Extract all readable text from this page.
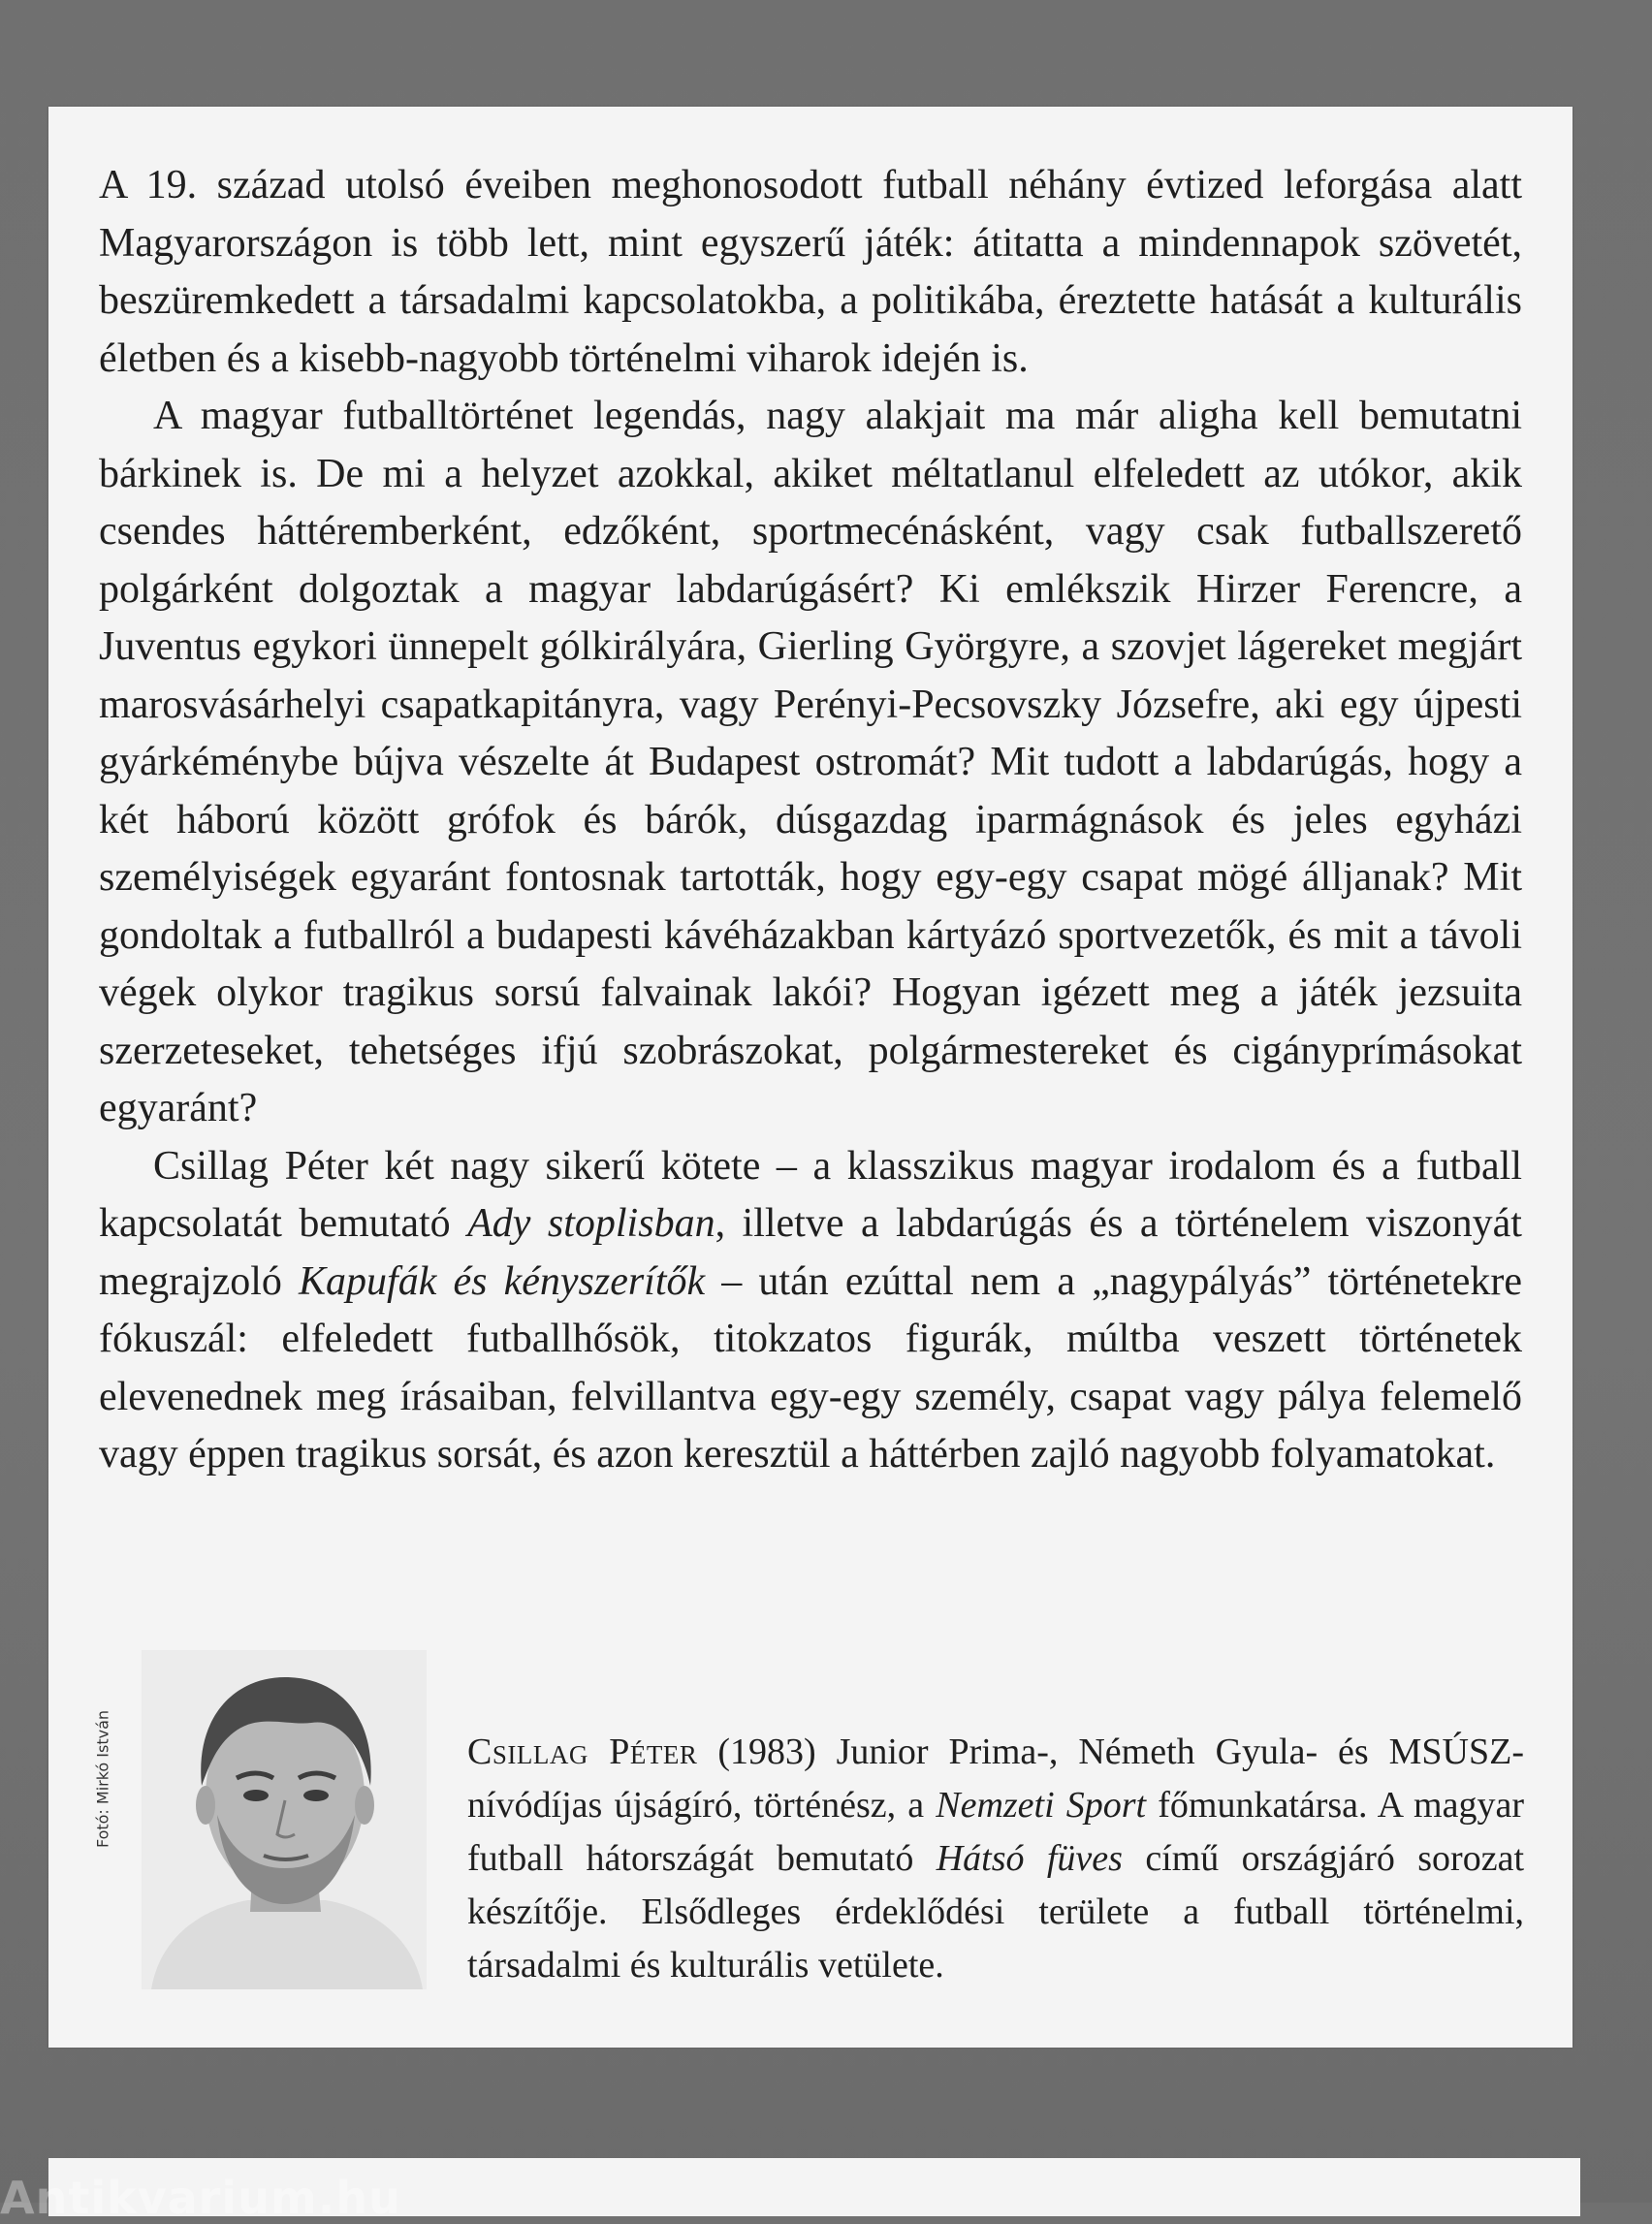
A 19. század utolsó éveiben meghonosodott futball néhány évtized leforgása alatt Magyarországon is több lett, mint egyszerű játék: átitatta a mindennapok szövetét, beszüremkedett a társadalmi kapcsolatokba, a politikába, éreztette hatását a kulturális életben és a kisebb-nagyobb történelmi viharok idején is.

A magyar futballtörténet legendás, nagy alakjait ma már aligha kell bemutatni bárkinek is. De mi a helyzet azokkal, akiket méltatlanul elfeledett az utókor, akik csendes háttéremberként, edzőként, sportmecénásként, vagy csak futballszerető polgárként dolgoztak a magyar labdarúgásért? Ki emlékszik Hirzer Ferencre, a Juventus egykori ünnepelt gólkirályára, Gierling Györgyre, a szovjet lágereket megjárt marosvásárhelyi csapatkapitányra, vagy Perényi-Pecsovszky Józsefre, aki egy újpesti gyárkéménybe bújva vészelte át Budapest ostromát? Mit tudott a labdarúgás, hogy a két háború között grófok és bárók, dúsgazdag iparmágnások és jeles egyházi személyiségek egyaránt fontosnak tartották, hogy egy-egy csapat mögé álljanak? Mit gondoltak a futballról a budapesti kávéházakban kártyázó sportvezetők, és mit a távoli végek olykor tragikus sorsú falvainak lakói? Hogyan igézett meg a játék jezsuita szerzeteseket, tehetséges ifjú szobrászokat, polgármestereket és cigányprímásokat egyaránt?

Csillag Péter két nagy sikerű kötete – a klasszikus magyar irodalom és a futball kapcsolatát bemutató Ady stoplisban, illetve a labdarúgás és a történelem viszonyát megrajzoló Kapufák és kényszerítők – után ezúttal nem a „nagypályás” történetekre fókuszál: elfeledett futballhősök, titokzatos figurák, múltba veszett történetek elevenednek meg írásaiban, felvillantva egy-egy személy, csapat vagy pálya felemelő vagy éppen tragikus sorsát, és azon keresztül a háttérben zajló nagyobb folyamatokat.

Fotó: Mirkó István	Csillag Péter (1983) Junior Prima-, Németh Gyula- és MSÚSZ-nívódíjas újságíró, történész, a Nemzeti Sport főmunkatársa. A magyar futball hátországát bemutató Hátsó füves című országjáró sorozat készítője. Elsődleges érdeklődési területe a futball történelmi, társadalmi és kulturális vetülete.

Antikvarium.hu
